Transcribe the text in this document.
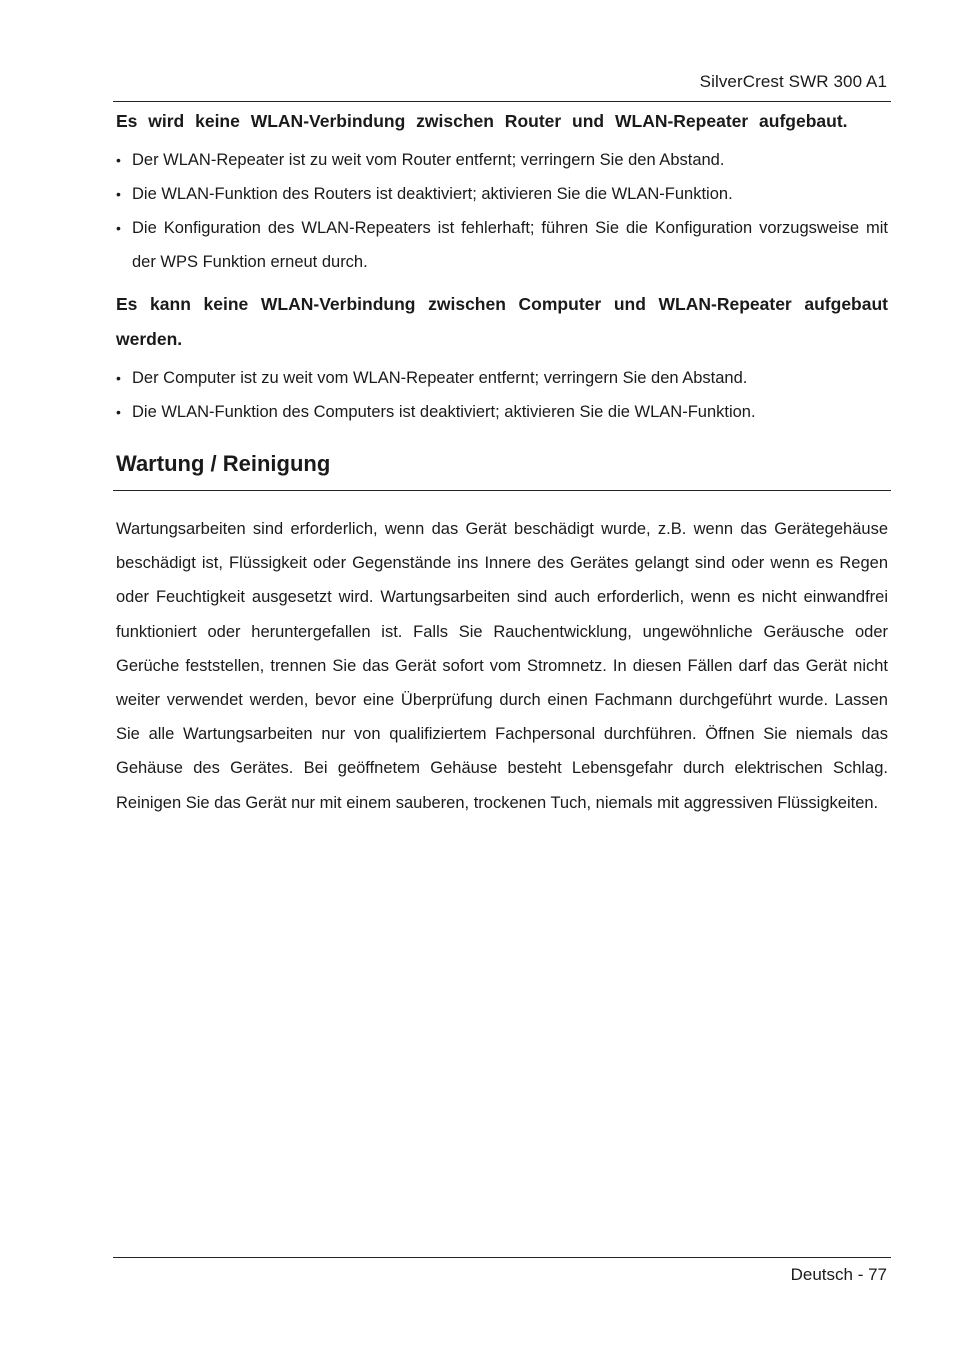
SilverCrest SWR 300 A1

Es wird keine WLAN-Verbindung zwischen Router und WLAN-Repeater aufgebaut.

• Der WLAN-Repeater ist zu weit vom Router entfernt; verringern Sie den Abstand.
• Die WLAN-Funktion des Routers ist deaktiviert; aktivieren Sie die WLAN-Funktion.
• Die Konfiguration des WLAN-Repeaters ist fehlerhaft; führen Sie die Konfiguration vorzugsweise mit der WPS Funktion erneut durch.

Es kann keine WLAN-Verbindung zwischen Computer und WLAN-Repeater aufgebaut werden.

• Der Computer ist zu weit vom WLAN-Repeater entfernt; verringern Sie den Abstand.
• Die WLAN-Funktion des Computers ist deaktiviert; aktivieren Sie die WLAN-Funktion.
Wartung / Reinigung

Wartungsarbeiten sind erforderlich, wenn das Gerät beschädigt wurde, z.B. wenn das Gerätegehäuse beschädigt ist, Flüssigkeit oder Gegenstände ins Innere des Gerätes gelangt sind oder wenn es Regen oder Feuchtigkeit ausgesetzt wird. Wartungsarbeiten sind auch erforderlich, wenn es nicht einwandfrei funktioniert oder heruntergefallen ist. Falls Sie Rauchentwicklung, ungewöhnliche Geräusche oder Gerüche feststellen, trennen Sie das Gerät sofort vom Stromnetz. In diesen Fällen darf das Gerät nicht weiter verwendet werden, bevor eine Überprüfung durch einen Fachmann durchgeführt wurde. Lassen Sie alle Wartungsarbeiten nur von qualifiziertem Fachpersonal durchführen. Öffnen Sie niemals das Gehäuse des Gerätes. Bei geöffnetem Gehäuse besteht Lebensgefahr durch elektrischen Schlag. Reinigen Sie das Gerät nur mit einem sauberen, trockenen Tuch, niemals mit aggressiven Flüssigkeiten.

Deutsch - 77
